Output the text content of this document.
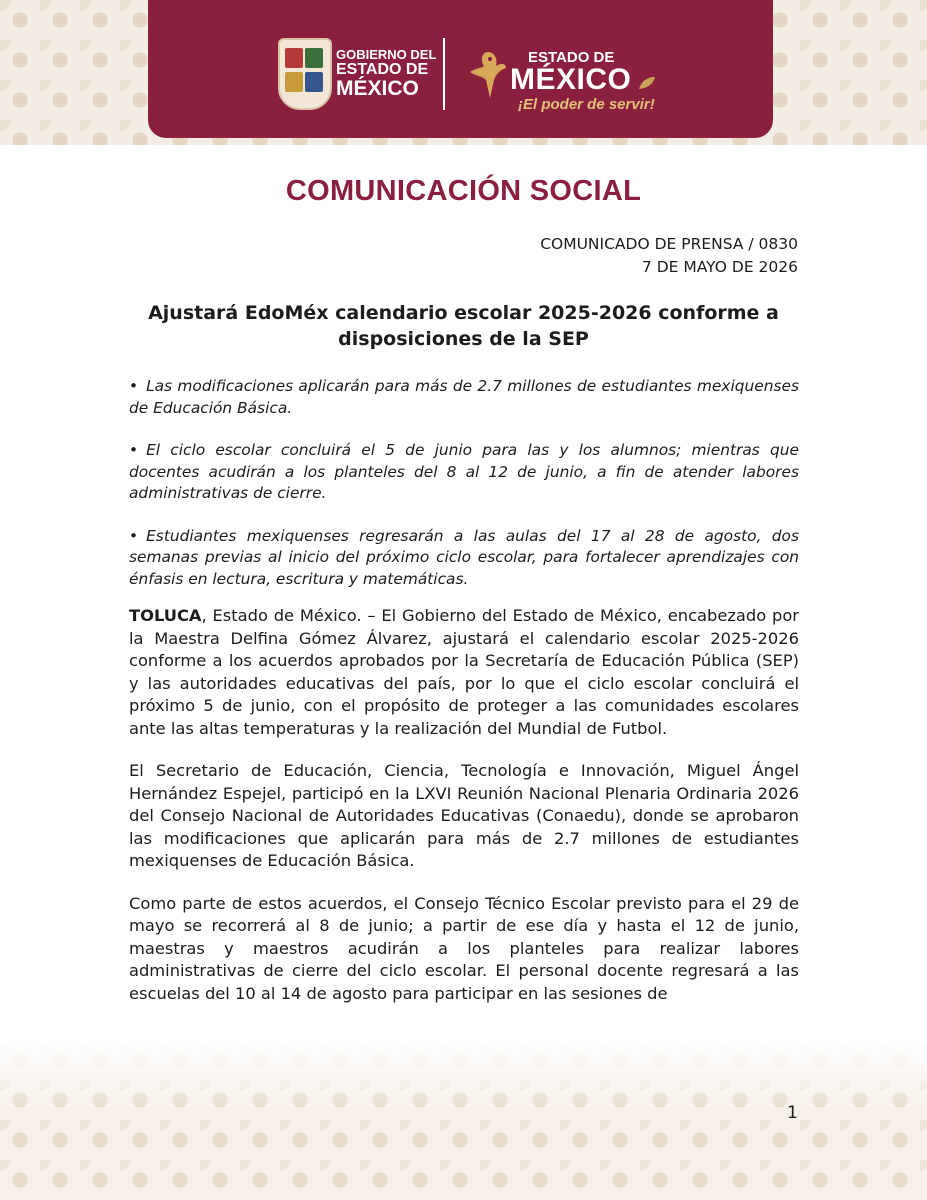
GOBIERNO DEL
ESTADO DE
MÉXICO
ESTADO DE
MÉXICO
¡El poder de servir!
COMUNICACIÓN SOCIAL
COMUNICADO DE PRENSA / 0830
7 DE MAYO DE 2026
Ajustará EdoMéx calendario escolar 2025-2026 conforme a disposiciones de la SEP

• Las modificaciones aplicarán para más de 2.7 millones de estudiantes mexiquenses de Educación Básica.

• El ciclo escolar concluirá el 5 de junio para las y los alumnos; mientras que docentes acudirán a los planteles del 8 al 12 de junio, a fin de atender labores administrativas de cierre.

• Estudiantes mexiquenses regresarán a las aulas del 17 al 28 de agosto, dos semanas previas al inicio del próximo ciclo escolar, para fortalecer aprendizajes con énfasis en lectura, escritura y matemáticas.

TOLUCA, Estado de México. – El Gobierno del Estado de México, encabezado por la Maestra Delfina Gómez Álvarez, ajustará el calendario escolar 2025-2026 conforme a los acuerdos aprobados por la Secretaría de Educación Pública (SEP) y las autoridades educativas del país, por lo que el ciclo escolar concluirá el próximo 5 de junio, con el propósito de proteger a las comunidades escolares ante las altas temperaturas y la realización del Mundial de Futbol.

El Secretario de Educación, Ciencia, Tecnología e Innovación, Miguel Ángel Hernández Espejel, participó en la LXVI Reunión Nacional Plenaria Ordinaria 2026 del Consejo Nacional de Autoridades Educativas (Conaedu), donde se aprobaron las modificaciones que aplicarán para más de 2.7 millones de estudiantes mexiquenses de Educación Básica.

Como parte de estos acuerdos, el Consejo Técnico Escolar previsto para el 29 de mayo se recorrerá al 8 de junio; a partir de ese día y hasta el 12 de junio, maestras y maestros acudirán a los planteles para realizar labores administrativas de cierre del ciclo escolar. El personal docente regresará a las escuelas del 10 al 14 de agosto para participar en las sesiones de

1
